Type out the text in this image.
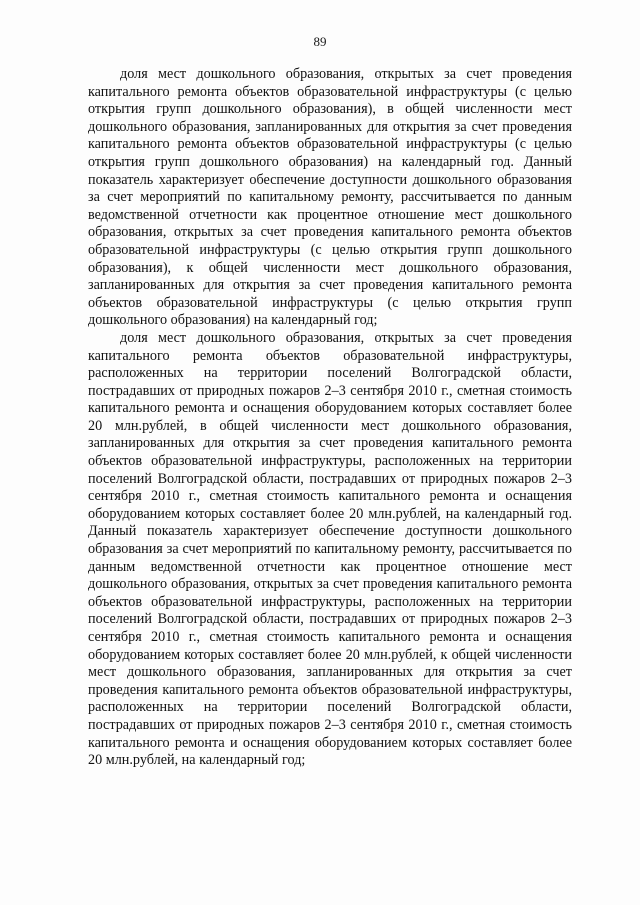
89

доля мест дошкольного образования, открытых за счет проведения капитального ремонта объектов образовательной инфраструктуры (с целью открытия групп дошкольного образования), в общей численности мест дошкольного образования, запланированных для открытия за счет проведения капитального ремонта объектов образовательной инфраструктуры (с целью открытия групп дошкольного образования) на календарный год. Данный показатель характеризует обеспечение доступности дошкольного образования за счет мероприятий по капитальному ремонту, рассчитывается по данным ведомственной отчетности как процентное отношение мест дошкольного образования, открытых за счет проведения капитального ремонта объектов образовательной инфраструктуры (с целью открытия групп дошкольного образования), к общей численности мест дошкольного образования, запланированных для открытия за счет проведения капитального ремонта объектов образовательной инфраструктуры (с целью открытия групп дошкольного образования) на календарный год;

доля мест дошкольного образования, открытых за счет проведения капитального ремонта объектов образовательной инфраструктуры, расположенных на территории поселений Волгоградской области, пострадавших от природных пожаров 2–3 сентября 2010 г., сметная стоимость капитального ремонта и оснащения оборудованием которых составляет более 20 млн.рублей, в общей численности мест дошкольного образования, запланированных для открытия за счет проведения капитального ремонта объектов образовательной инфраструктуры, расположенных на территории поселений Волгоградской области, пострадавших от природных пожаров 2–3 сентября 2010 г., сметная стоимость капитального ремонта и оснащения оборудованием которых составляет более 20 млн.рублей, на календарный год. Данный показатель характеризует обеспечение доступности дошкольного образования за счет мероприятий по капитальному ремонту, рассчитывается по данным ведомственной отчетности как процентное отношение мест дошкольного образования, открытых за счет проведения капитального ремонта объектов образовательной инфраструктуры, расположенных на территории поселений Волгоградской области, пострадавших от природных пожаров 2–3 сентября 2010 г., сметная стоимость капитального ремонта и оснащения оборудованием которых составляет более 20 млн.рублей, к общей численности мест дошкольного образования, запланированных для открытия за счет проведения капитального ремонта объектов образовательной инфраструктуры, расположенных на территории поселений Волгоградской области, пострадавших от природных пожаров 2–3 сентября 2010 г., сметная стоимость капитального ремонта и оснащения оборудованием которых составляет более 20 млн.рублей, на календарный год;
